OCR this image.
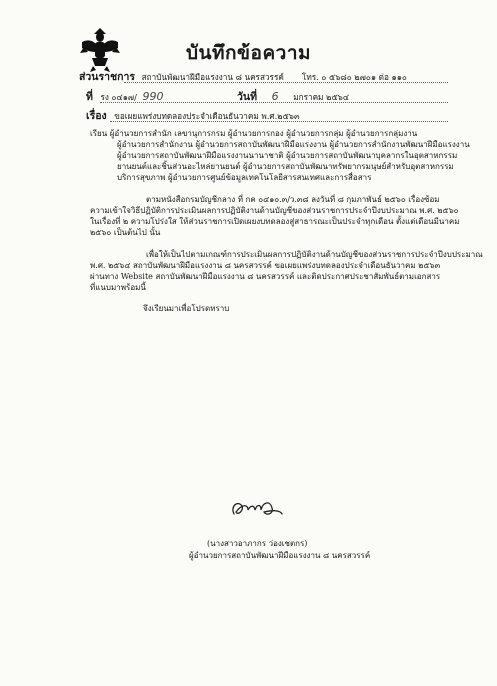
บันทึกข้อความ
ส่วนราชการ สถาบันพัฒนาฝีมือแรงงาน ๘ นครสวรรค์ โทร. ๐ ๕๖๘๐ ๒๗๐๑ ต่อ ๑๑๐
ที่ รง ๐๔๑๗/ 990	วันที่ 6 มกราคม ๒๕๖๔
เรื่อง ขอเผยแพร่งบทดลองประจำเดือนธันวาคม พ.ศ.๒๕๖๓
เรียน ผู้อำนวยการสำนัก เลขานุการกรม ผู้อำนวยการกอง ผู้อำนวยการกลุ่ม ผู้อำนวยการกลุ่มงาน
ผู้อำนวยการสำนักงาน ผู้อำนวยการสถาบันพัฒนาฝีมือแรงงาน ผู้อำนวยการสำนักงานพัฒนาฝีมือแรงงาน
ผู้อำนวยการสถาบันพัฒนาฝีมือแรงงานนานาชาติ ผู้อำนวยการสถาบันพัฒนาบุคลากรในอุตสาหกรรม
ยานยนต์และชิ้นส่วนอะไหล่ยานยนต์ ผู้อำนวยการสถาบันพัฒนาทรัพยากรมนุษย์สำหรับอุตสาหกรรม
บริการสุขภาพ ผู้อำนวยการศูนย์ข้อมูลเทคโนโลยีสารสนเทศและการสื่อสาร
ตามหนังสือกรมบัญชีกลาง ที่ กค ๐๔๑๐.๓/ว.๓๘ ลงวันที่ ๘ กุมภาพันธ์ ๒๕๖๐ เรื่องซ้อม
ความเข้าใจวิธีปฏิบัติการประเมินผลการปฏิบัติงานด้านบัญชีของส่วนราชการประจำปีงบประมาณ พ.ศ. ๒๕๖๐
ในเรื่องที่ ๒ ความโปร่งใส ให้ส่วนราชการเปิดเผยงบทดลองสู่สาธารณะเป็นประจำทุกเดือน ตั้งแต่เดือนมีนาคม
๒๕๖๐ เป็นต้นไป นั้น
เพื่อให้เป็นไปตามเกณฑ์การประเมินผลการปฏิบัติงานด้านบัญชีของส่วนราชการประจำปีงบประมาณ
พ.ศ. ๒๕๖๔ สถาบันพัฒนาฝีมือแรงงาน ๘ นครสวรรค์ ขอเผยแพร่งบทดลองประจำเดือนธันวาคม ๒๕๖๓
ผ่านทาง Website สถาบันพัฒนาฝีมือแรงงาน ๘ นครสวรรค์ และติดประกาศประชาสัมพันธ์ตามเอกสาร
ที่แนบมาพร้อมนี้
จึงเรียนมาเพื่อโปรดทราบ
(นางสาวอาภากร ว่องเชตกร)
ผู้อำนวยการสถาบันพัฒนาฝีมือแรงงาน ๘ นครสวรรค์
